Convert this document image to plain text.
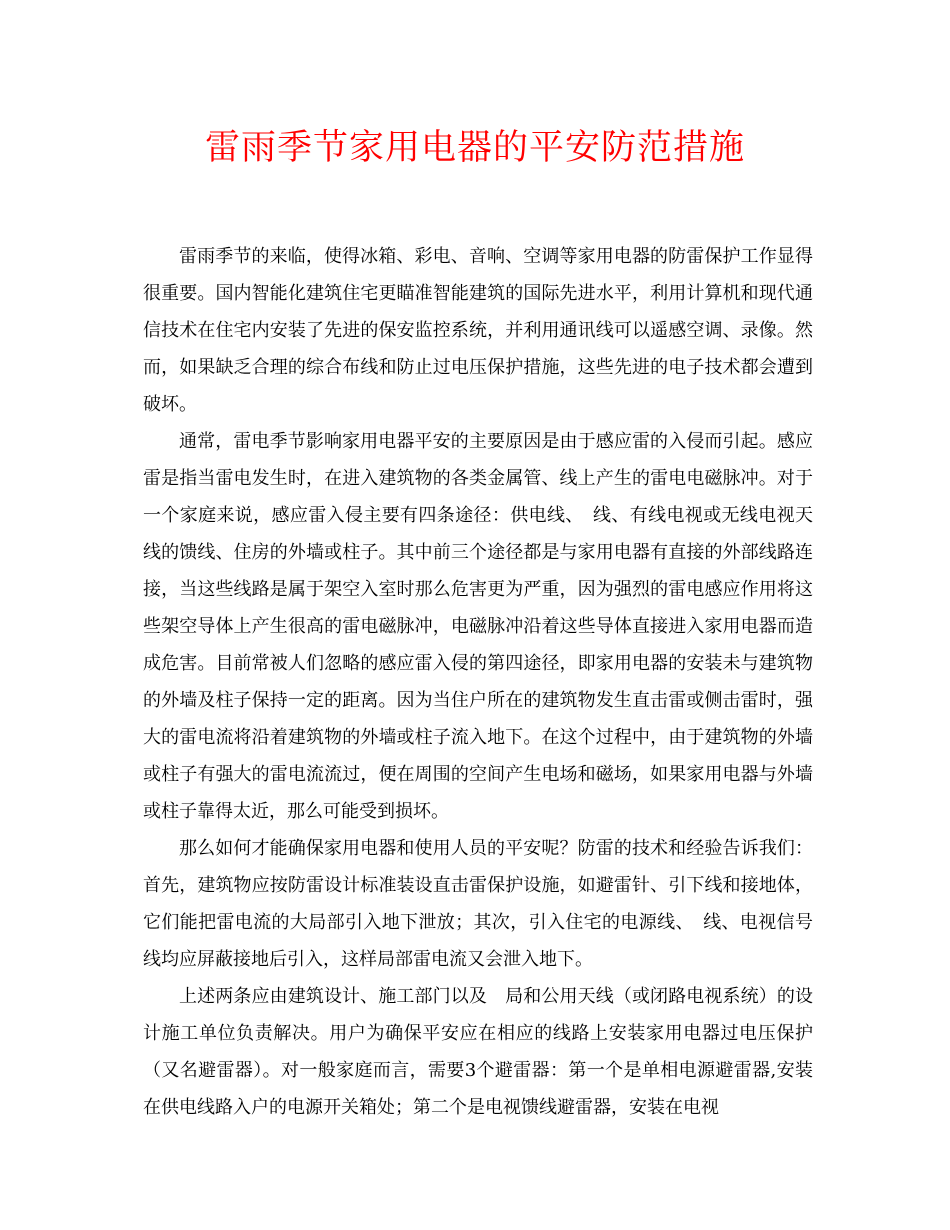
雷雨季节家用电器的平安防范措施

雷雨季节的来临，使得冰箱、彩电、音响、空调等家用电器的防雷保护工作显得很重要。国内智能化建筑住宅更瞄准智能建筑的国际先进水平，利用计算机和现代通信技术在住宅内安装了先进的保安监控系统，并利用通讯线可以遥感空调、录像。然而，如果缺乏合理的综合布线和防止过电压保护措施，这些先进的电子技术都会遭到破坏。

通常，雷电季节影响家用电器平安的主要原因是由于感应雷的入侵而引起。感应雷是指当雷电发生时，在进入建筑物的各类金属管、线上产生的雷电电磁脉冲。对于一个家庭来说，感应雷入侵主要有四条途径：供电线、　线、有线电视或无线电视天线的馈线、住房的外墙或柱子。其中前三个途径都是与家用电器有直接的外部线路连接，当这些线路是属于架空入室时那么危害更为严重，因为强烈的雷电感应作用将这些架空导体上产生很高的雷电磁脉冲，电磁脉冲沿着这些导体直接进入家用电器而造成危害。目前常被人们忽略的感应雷入侵的第四途径，即家用电器的安装未与建筑物的外墙及柱子保持一定的距离。因为当住户所在的建筑物发生直击雷或侧击雷时，强大的雷电流将沿着建筑物的外墙或柱子流入地下。在这个过程中，由于建筑物的外墙或柱子有强大的雷电流流过，便在周围的空间产生电场和磁场，如果家用电器与外墙或柱子靠得太近，那么可能受到损坏。

那么如何才能确保家用电器和使用人员的平安呢？防雷的技术和经验告诉我们：首先，建筑物应按防雷设计标准装设直击雷保护设施，如避雷针、引下线和接地体，它们能把雷电流的大局部引入地下泄放；其次，引入住宅的电源线、　线、电视信号线均应屏蔽接地后引入，这样局部雷电流又会泄入地下。

上述两条应由建筑设计、施工部门以及　局和公用天线（或闭路电视系统）的设计施工单位负责解决。用户为确保平安应在相应的线路上安装家用电器过电压保护（又名避雷器）。对一般家庭而言，需要3个避雷器：第一个是单相电源避雷器,安装在供电线路入户的电源开关箱处；第二个是电视馈线避雷器，安装在电视
